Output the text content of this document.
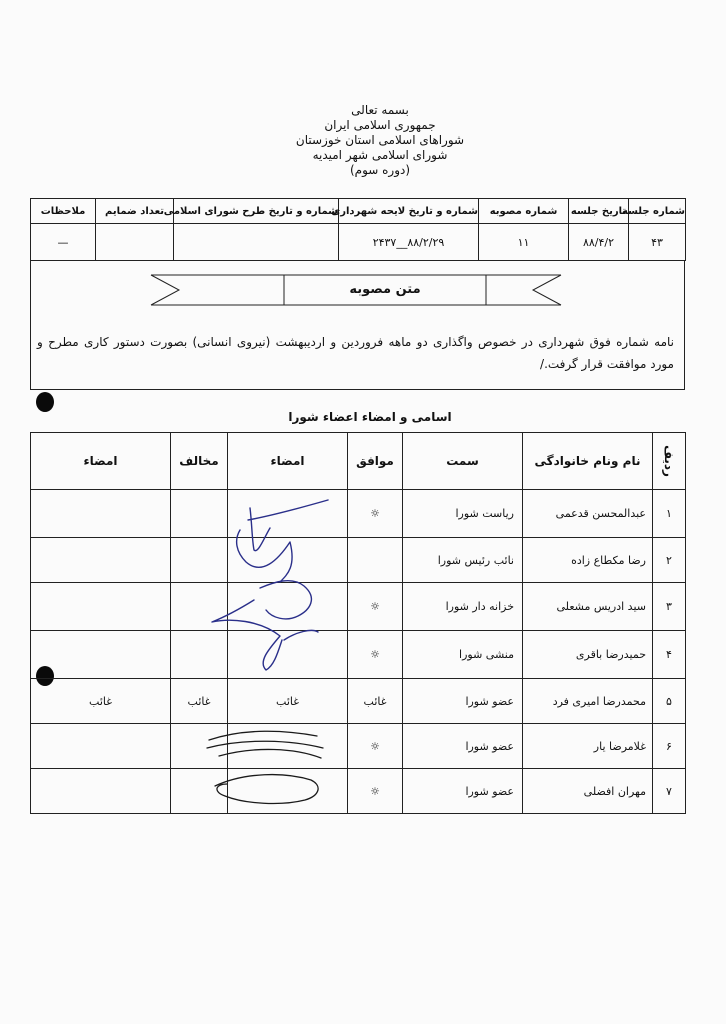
بسمه تعالی
جمهوری اسلامی ایران
شوراهای اسلامی استان خوزستان
شورای اسلامی شهر امیدیه
(دوره سوم)
شماره جلسه	تاریخ جلسه	شماره مصوبه	شماره و تاریخ لایحه شهرداری	شماره و تاریخ طرح شورای اسلامی	تعداد ضمایم	ملاحظات
۴۳	۸۸/۴/۲	۱۱	۸۸/۲/۲۹__۲۴۳۷			—
متن مصوبه
نامه شماره فوق شهرداری در خصوص واگذاری دو ماهه فروردین و اردیبهشت (نیروی انسانی) بصورت دستور کاری مطرح و مورد موافقت قرار گرفت./
اسامی و امضاء اعضاء شورا
ردیف	نام ونام خانوادگی	سمت	موافق	امضاء	مخالف	امضاء
۱	عبدالمحسن قدعمی	ریاست شورا	☼			
۲	رضا مکطاع زاده	نائب رئیس شورا				
۳	سید ادریس مشعلی	خزانه دار شورا	☼			
۴	حمیدرضا باقری	منشی شورا	☼			
۵	محمدرضا امیری فرد	عضو شورا	غائب	غائب	غائب	غائب
۶	غلامرضا یار	عضو شورا	☼			
۷	مهران افضلی	عضو شورا	☼			
